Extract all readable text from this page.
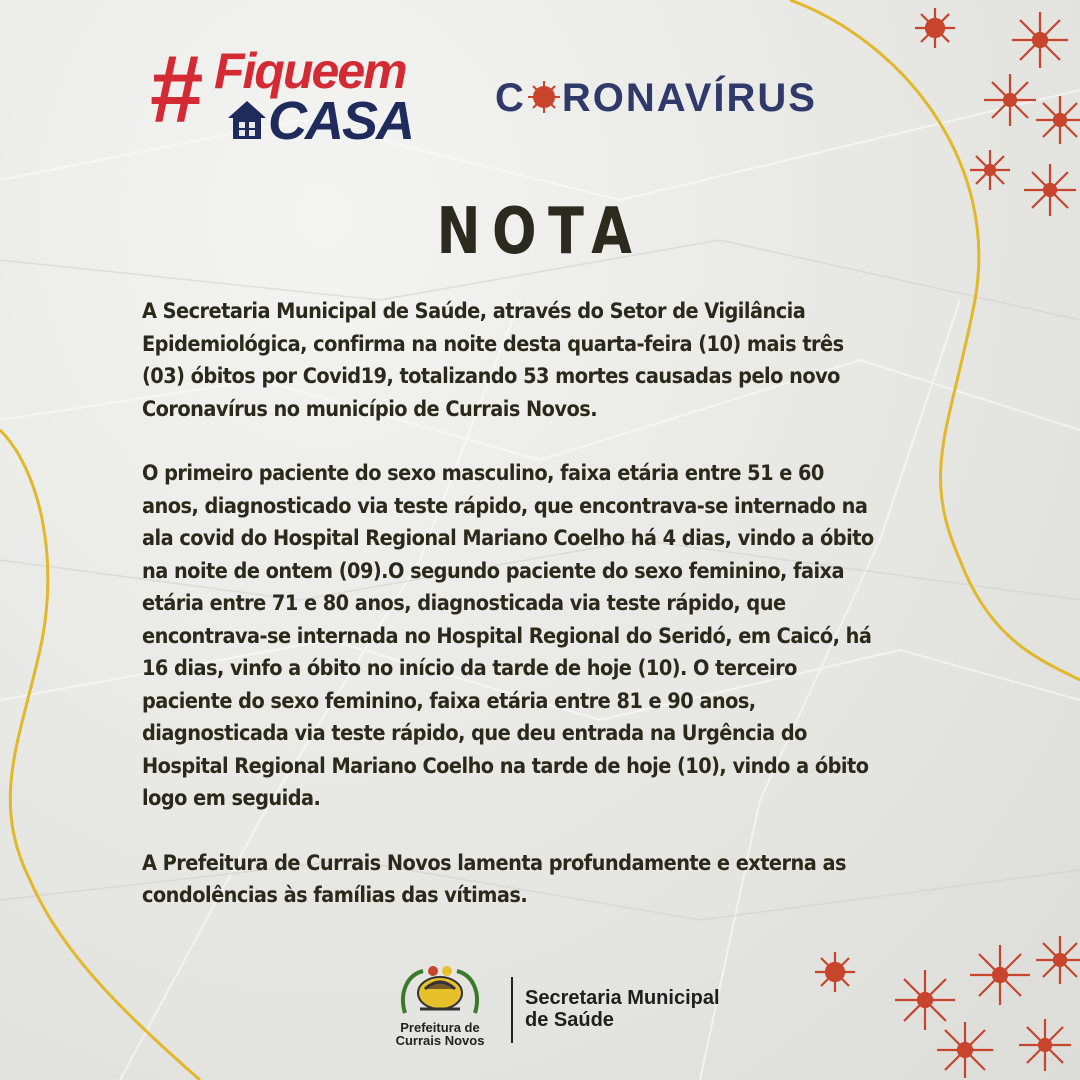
# Fiqueem
CASA C RONAVÍRUS
NOTA

A Secretaria Municipal de Saúde, através do Setor de Vigilância Epidemiológica, confirma na noite desta quarta-feira (10) mais três (03) óbitos por Covid19, totalizando 53 mortes causadas pelo novo Coronavírus no município de Currais Novos.

O primeiro paciente do sexo masculino, faixa etária entre 51 e 60 anos, diagnosticado via teste rápido, que encontrava-se internado na ala covid do Hospital Regional Mariano Coelho há 4 dias, vindo a óbito na noite de ontem (09).O segundo paciente do sexo feminino, faixa etária entre 71 e 80 anos, diagnosticada via teste rápido, que encontrava-se internada no Hospital Regional do Seridó, em Caicó, há 16 dias, vinfo a óbito no início da tarde de hoje (10). O terceiro paciente do sexo feminino, faixa etária entre 81 e 90 anos, diagnosticada via teste rápido, que deu entrada na Urgência do Hospital Regional Mariano Coelho na tarde de hoje (10), vindo a óbito logo em seguida.

A Prefeitura de Currais Novos lamenta profundamente e externa as condolências às famílias das vítimas.

Prefeitura de
Currais Novos
Secretaria Municipal
de Saúde
